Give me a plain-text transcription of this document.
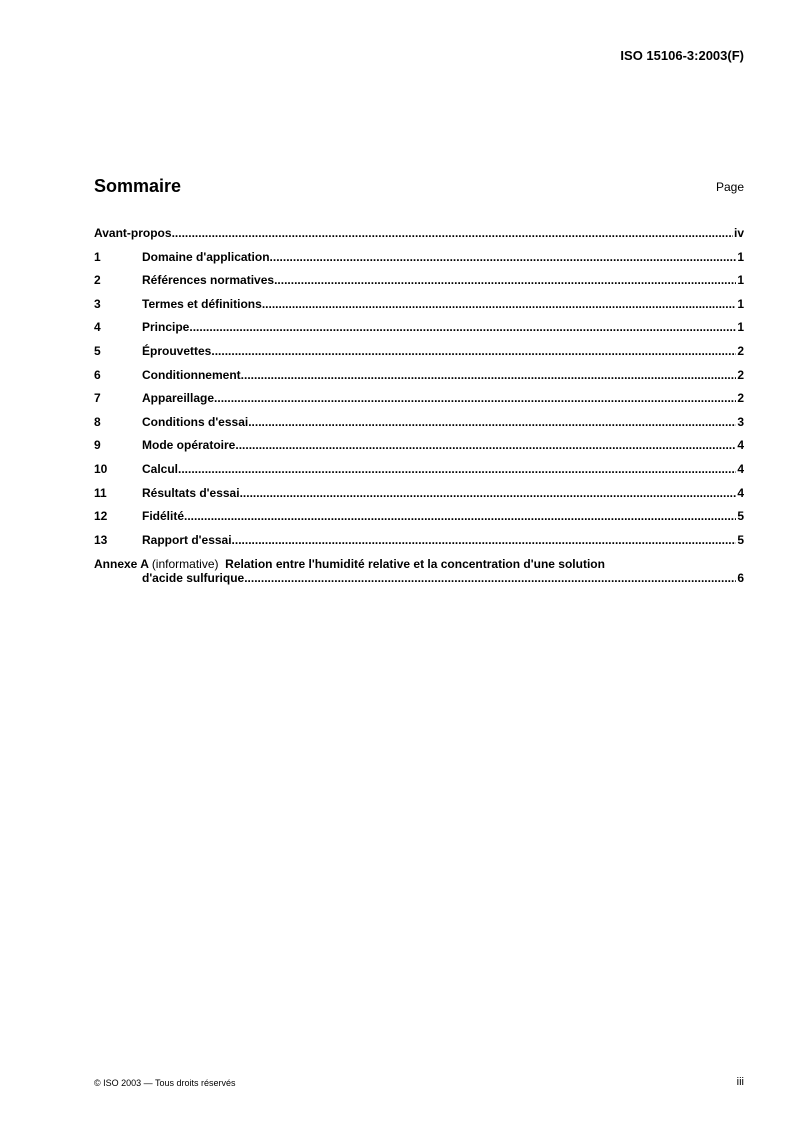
ISO 15106-3:2003(F)
Sommaire	Page
Avant-propos .....	iv
1	Domaine d'application .....	1
2	Références normatives .....	1
3	Termes et définitions .....	1
4	Principe .....	1
5	Éprouvettes .....	2
6	Conditionnement .....	2
7	Appareillage .....	2
8	Conditions d'essai .....	3
9	Mode opératoire .....	4
10	Calcul .....	4
11	Résultats d'essai .....	4
12	Fidélité .....	5
13	Rapport d'essai .....	5
Annexe A (informative) Relation entre l'humidité relative et la concentration d'une solution
d'acide sulfurique .....	6
© ISO 2003 — Tous droits réservés	iii
